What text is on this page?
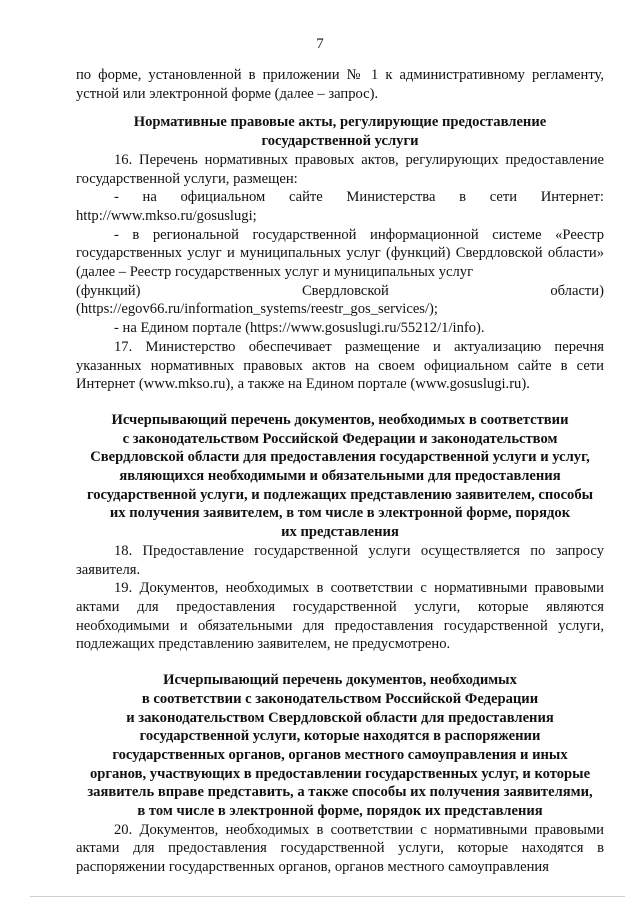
7

по форме, установленной в приложении № 1 к административному регламенту, устной или электронной форме (далее – запрос).

Нормативные правовые акты, регулирующие предоставление
государственной услуги

16. Перечень нормативных правовых актов, регулирующих предоставление государственной услуги, размещен:

- на официальном сайте Министерства в сети Интернет:
http://www.mkso.ru/gosuslugi;

- в региональной государственной информационной системе «Реестр государственных услуг и муниципальных услуг (функций) Свердловской области» (далее – Реестр государственных услуг и муниципальных услуг

(функций)	Свердловской	области)
(https://egov66.ru/information_systems/reestr_gos_services/);
- на Едином портале (https://www.gosuslugi.ru/55212/1/info).

17. Министерство обеспечивает размещение и актуализацию перечня указанных нормативных правовых актов на своем официальном сайте в сети Интернет (www.mkso.ru), а также на Едином портале (www.gosuslugi.ru).

Исчерпывающий перечень документов, необходимых в соответствии
с законодательством Российской Федерации и законодательством
Свердловской области для предоставления государственной услуги и услуг,
являющихся необходимыми и обязательными для предоставления
государственной услуги, и подлежащих представлению заявителем, способы
их получения заявителем, в том числе в электронной форме, порядок
их представления

18. Предоставление государственной услуги осуществляется по запросу заявителя.

19. Документов, необходимых в соответствии с нормативными правовыми актами для предоставления государственной услуги, которые являются необходимыми и обязательными для предоставления государственной услуги, подлежащих представлению заявителем, не предусмотрено.

Исчерпывающий перечень документов, необходимых
в соответствии с законодательством Российской Федерации
и законодательством Свердловской области для предоставления
государственной услуги, которые находятся в распоряжении
государственных органов, органов местного самоуправления и иных
органов, участвующих в предоставлении государственных услуг, и которые
заявитель вправе представить, а также способы их получения заявителями,
в том числе в электронной форме, порядок их представления

20. Документов, необходимых в соответствии с нормативными правовыми актами для предоставления государственной услуги, которые находятся в распоряжении государственных органов, органов местного самоуправления
